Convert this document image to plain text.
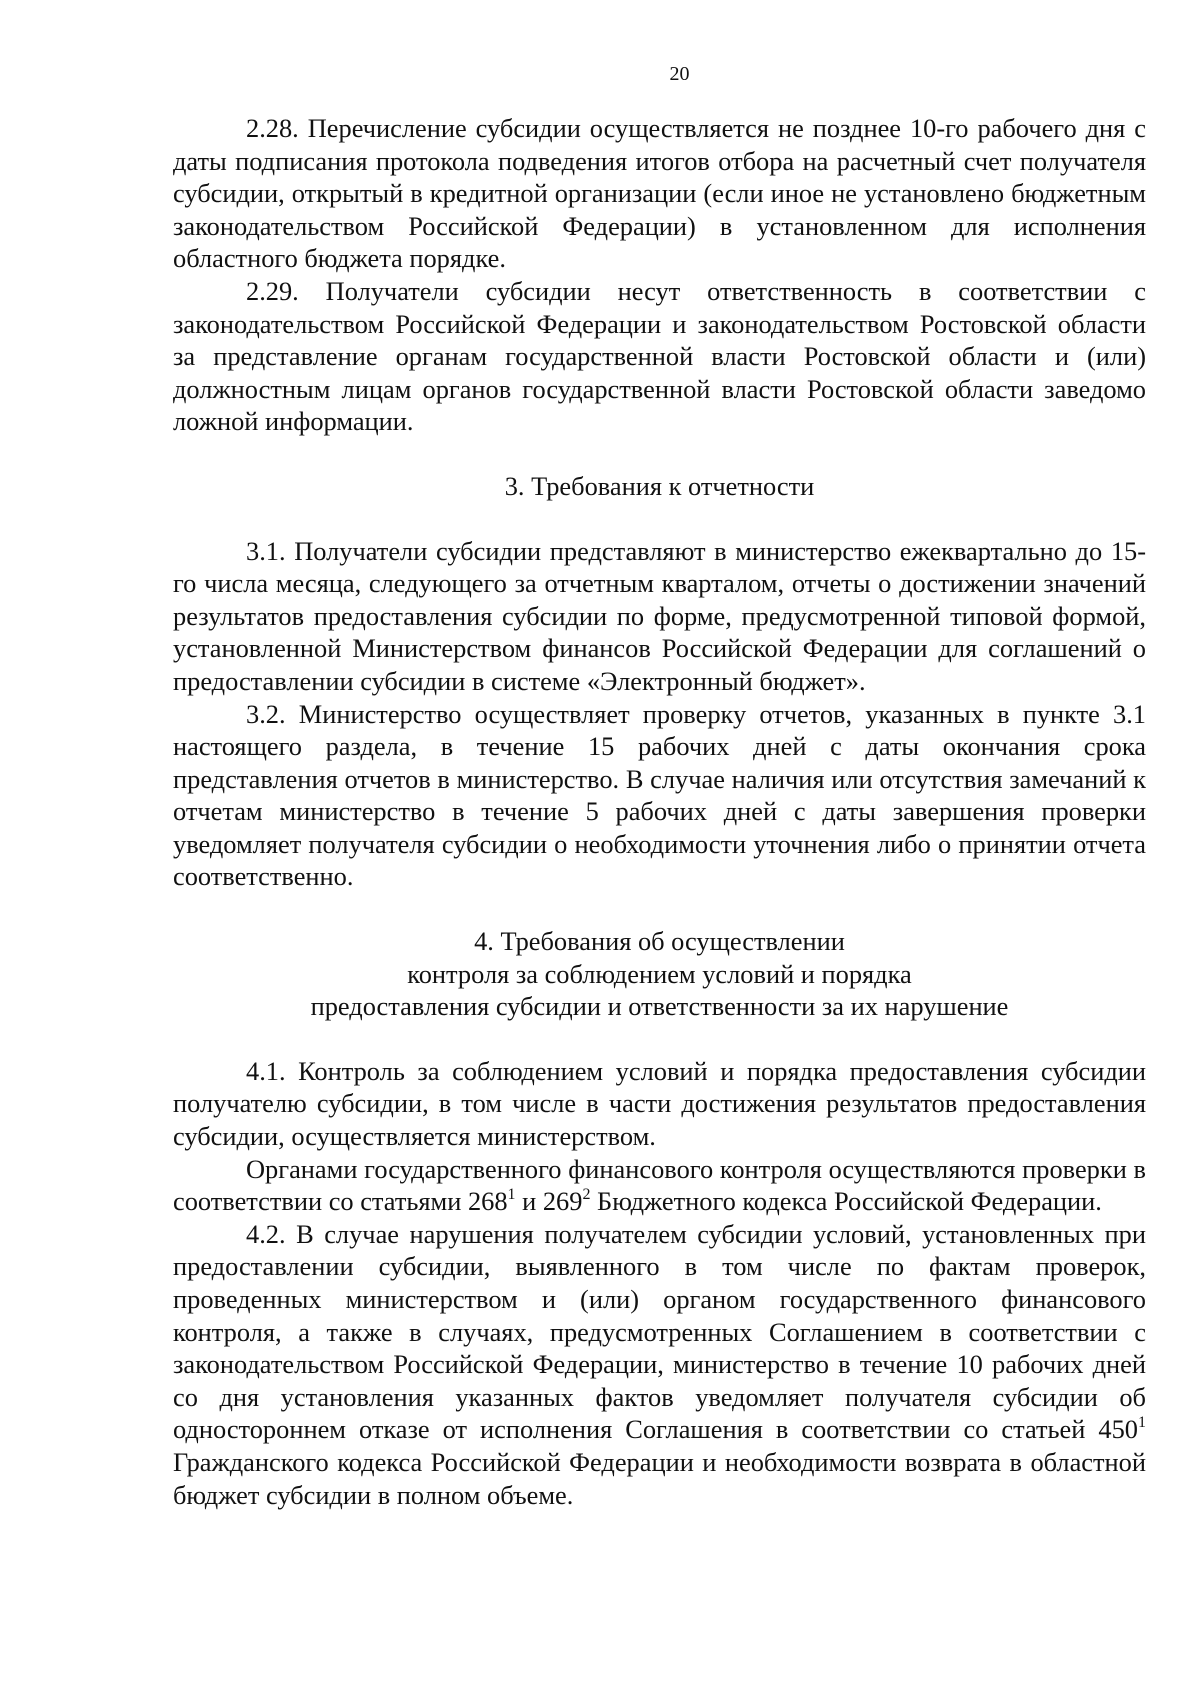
20

2.28. Перечисление субсидии осуществляется не позднее 10-го рабочего дня с даты подписания протокола подведения итогов отбора на расчетный счет получателя субсидии, открытый в кредитной организации (если иное не установлено бюджетным законодательством Российской Федерации) в установленном для исполнения областного бюджета порядке.

2.29. Получатели субсидии несут ответственность в соответствии с законодательством Российской Федерации и законодательством Ростовской области за представление органам государственной власти Ростовской области и (или) должностным лицам органов государственной власти Ростовской области заведомо ложной информации.

3. Требования к отчетности

3.1. Получатели субсидии представляют в министерство ежеквартально до 15-го числа месяца, следующего за отчетным кварталом, отчеты о достижении значений результатов предоставления субсидии по форме, предусмотренной типовой формой, установленной Министерством финансов Российской Федерации для соглашений о предоставлении субсидии в системе «Электронный бюджет».

3.2. Министерство осуществляет проверку отчетов, указанных в пункте 3.1 настоящего раздела, в течение 15 рабочих дней с даты окончания срока представления отчетов в министерство. В случае наличия или отсутствия замечаний к отчетам министерство в течение 5 рабочих дней с даты завершения проверки уведомляет получателя субсидии о необходимости уточнения либо о принятии отчета соответственно.

4. Требования об осуществлении

контроля за соблюдением условий и порядка

предоставления субсидии и ответственности за их нарушение

4.1. Контроль за соблюдением условий и порядка предоставления субсидии получателю субсидии, в том числе в части достижения результатов предоставления субсидии, осуществляется министерством.

Органами государственного финансового контроля осуществляются проверки в соответствии со статьями $268^1$ и $269^2$ Бюджетного кодекса Российской Федерации.

4.2. В случае нарушения получателем субсидии условий, установленных при предоставлении субсидии, выявленного в том числе по фактам проверок, проведенных министерством и (или) органом государственного финансового контроля, а также в случаях, предусмотренных Соглашением в соответствии с законодательством Российской Федерации, министерство в течение 10 рабочих дней со дня установления указанных фактов уведомляет получателя субсидии об одностороннем отказе от исполнения Соглашения в соответствии со статьей $450^1$ Гражданского кодекса Российской Федерации и необходимости возврата в областной бюджет субсидии в полном объеме.
